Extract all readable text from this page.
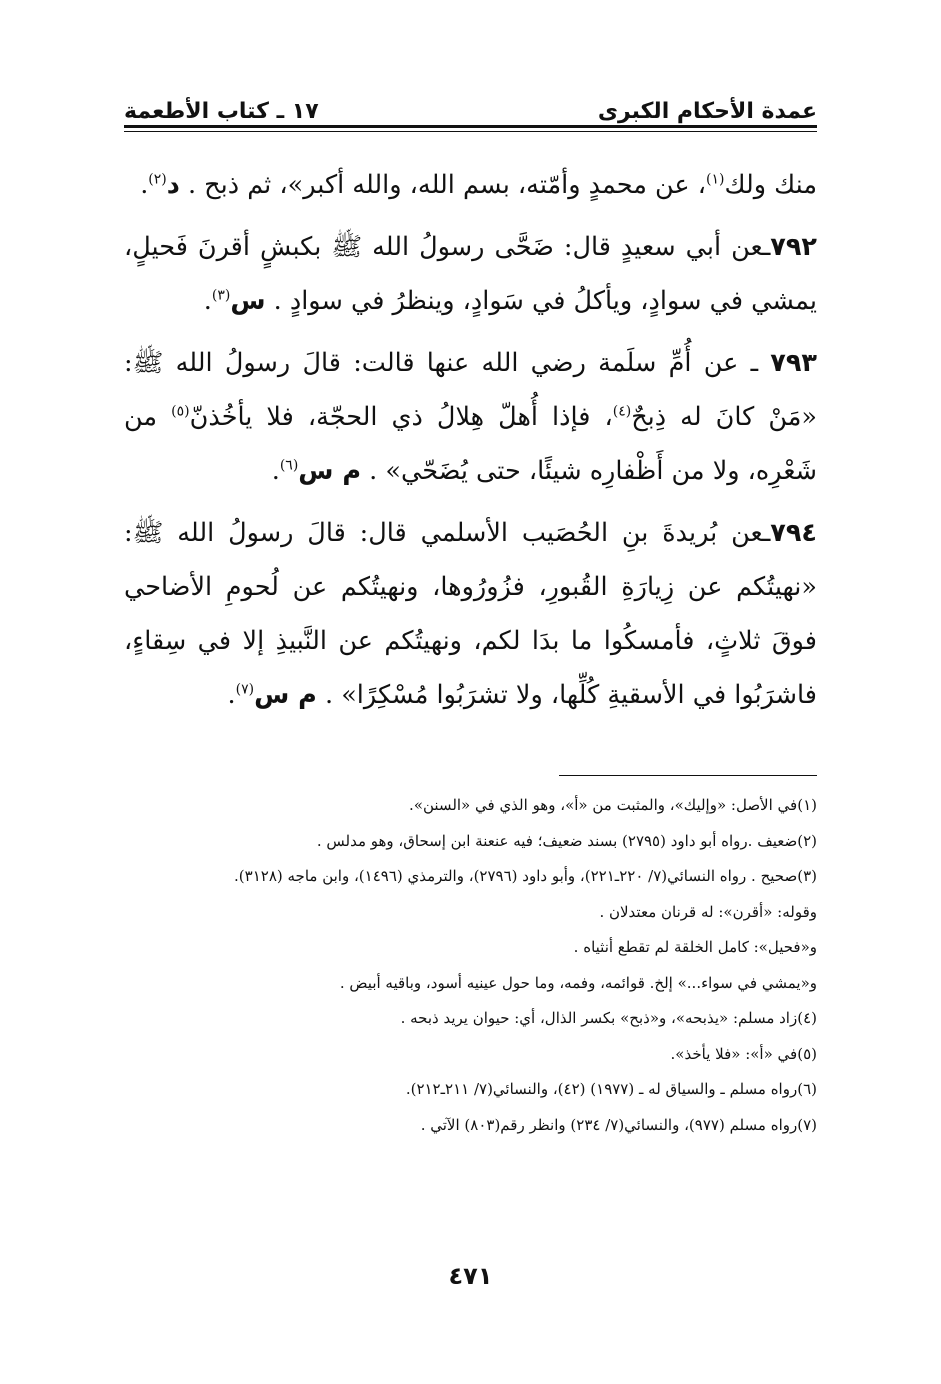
عمدة الأحكام الكبرى
١٧ ـ كتاب الأطعمة

منك ولك$^{(١)}$، عن محمدٍ وأمّته، بسم الله، والله أكبر»، ثم ذبح . د$^{(٢)}$.

٧٩٢ـعن أبي سعيدٍ قال: ضَحَّى رسولُ الله ﷺ بكبشٍ أقرنَ فَحيلٍ، يمشي في سوادٍ، ويأكلُ في سَوادٍ، وينظرُ في سوادٍ . س$^{(٣)}$.

٧٩٣ ـ عن أُمِّ سلَمة رضي الله عنها قالت: قالَ رسولُ الله ﷺ: «مَنْ كانَ له ذِبحٌ$^{(٤)}$، فإذا أُهلّ هِلالُ ذي الحجّة، فلا يأخُذنّ$^{(٥)}$ من شَعْرِه، ولا من أَظْفارِه شيئًا، حتى يُضَحّي» . م س$^{(٦)}$.

٧٩٤ـعن بُريدةَ بنِ الحُصَيب الأسلمي قال: قالَ رسولُ الله ﷺ: «نهيتُكم عن زِيارَةِ القُبورِ، فزُورُوها، ونهيتُكم عن لُحومِ الأضاحي فوقَ ثلاثٍ، فأمسكُوا ما بدَا لكم، ونهيتُكم عن النَّبيذِ إلا في سِقاءٍ، فاشرَبُوا في الأسقيةِ كُلِّها، ولا تشرَبُوا مُسْكِرًا» . م س$^{(٧)}$.

(١)في الأصل: «وإليك»، والمثبت من «أ»، وهو الذي في «السنن».

(٢)ضعيف .رواه أبو داود (٢٧٩٥) بسند ضعيف؛ فيه عنعنة ابن إسحاق، وهو مدلس .

(٣)صحيح . رواه النسائي(٧/ ٢٢٠ـ٢٢١)، وأبو داود (٢٧٩٦)، والترمذي (١٤٩٦)، وابن ماجه (٣١٢٨).

وقوله: «أقرن»: له قرنان معتدلان .

و«فحيل»: كامل الخلقة لم تقطع أنثياه .

و«يمشي في سواء...» إلخ. قوائمه، وفمه، وما حول عينيه أسود، وباقيه أبيض .

(٤)زاد مسلم: «يذبحه»، و«ذبح» بكسر الذال، أي: حيوان يريد ذبحه .

(٥)في «أ»: «فلا يأخذ».

(٦)رواه مسلم ـ والسياق له ـ (١٩٧٧) (٤٢)، والنسائي(٧/ ٢١١ـ٢١٢).

(٧)رواه مسلم (٩٧٧)، والنسائي(٧/ ٢٣٤) وانظر رقم(٨٠٣) الآتي .

٤٧١
